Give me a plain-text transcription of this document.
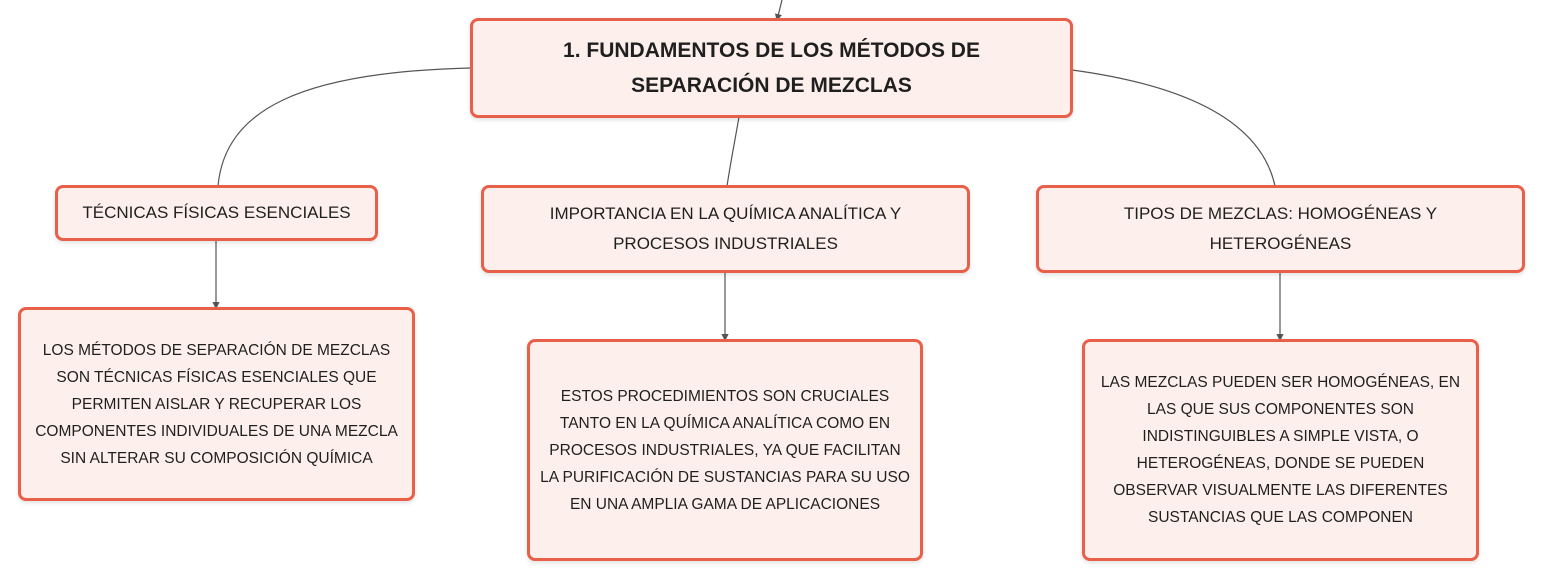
1. FUNDAMENTOS DE LOS MÉTODOS DE SEPARACIÓN DE MEZCLAS
TÉCNICAS FÍSICAS ESENCIALES	IMPORTANCIA EN LA QUÍMICA ANALÍTICA Y PROCESOS INDUSTRIALES
TIPOS DE MEZCLAS: HOMOGÉNEAS Y HETEROGÉNEAS
LOS MÉTODOS DE SEPARACIÓN DE MEZCLAS SON TÉCNICAS FÍSICAS ESENCIALES QUE PERMITEN AISLAR Y RECUPERAR LOS COMPONENTES INDIVIDUALES DE UNA MEZCLA SIN ALTERAR SU COMPOSICIÓN QUÍMICA
ESTOS PROCEDIMIENTOS SON CRUCIALES TANTO EN LA QUÍMICA ANALÍTICA COMO EN PROCESOS INDUSTRIALES, YA QUE FACILITAN LA PURIFICACIÓN DE SUSTANCIAS PARA SU USO EN UNA AMPLIA GAMA DE APLICACIONES
LAS MEZCLAS PUEDEN SER HOMOGÉNEAS, EN LAS QUE SUS COMPONENTES SON INDISTINGUIBLES A SIMPLE VISTA, O HETEROGÉNEAS, DONDE SE PUEDEN OBSERVAR VISUALMENTE LAS DIFERENTES SUSTANCIAS QUE LAS COMPONEN
